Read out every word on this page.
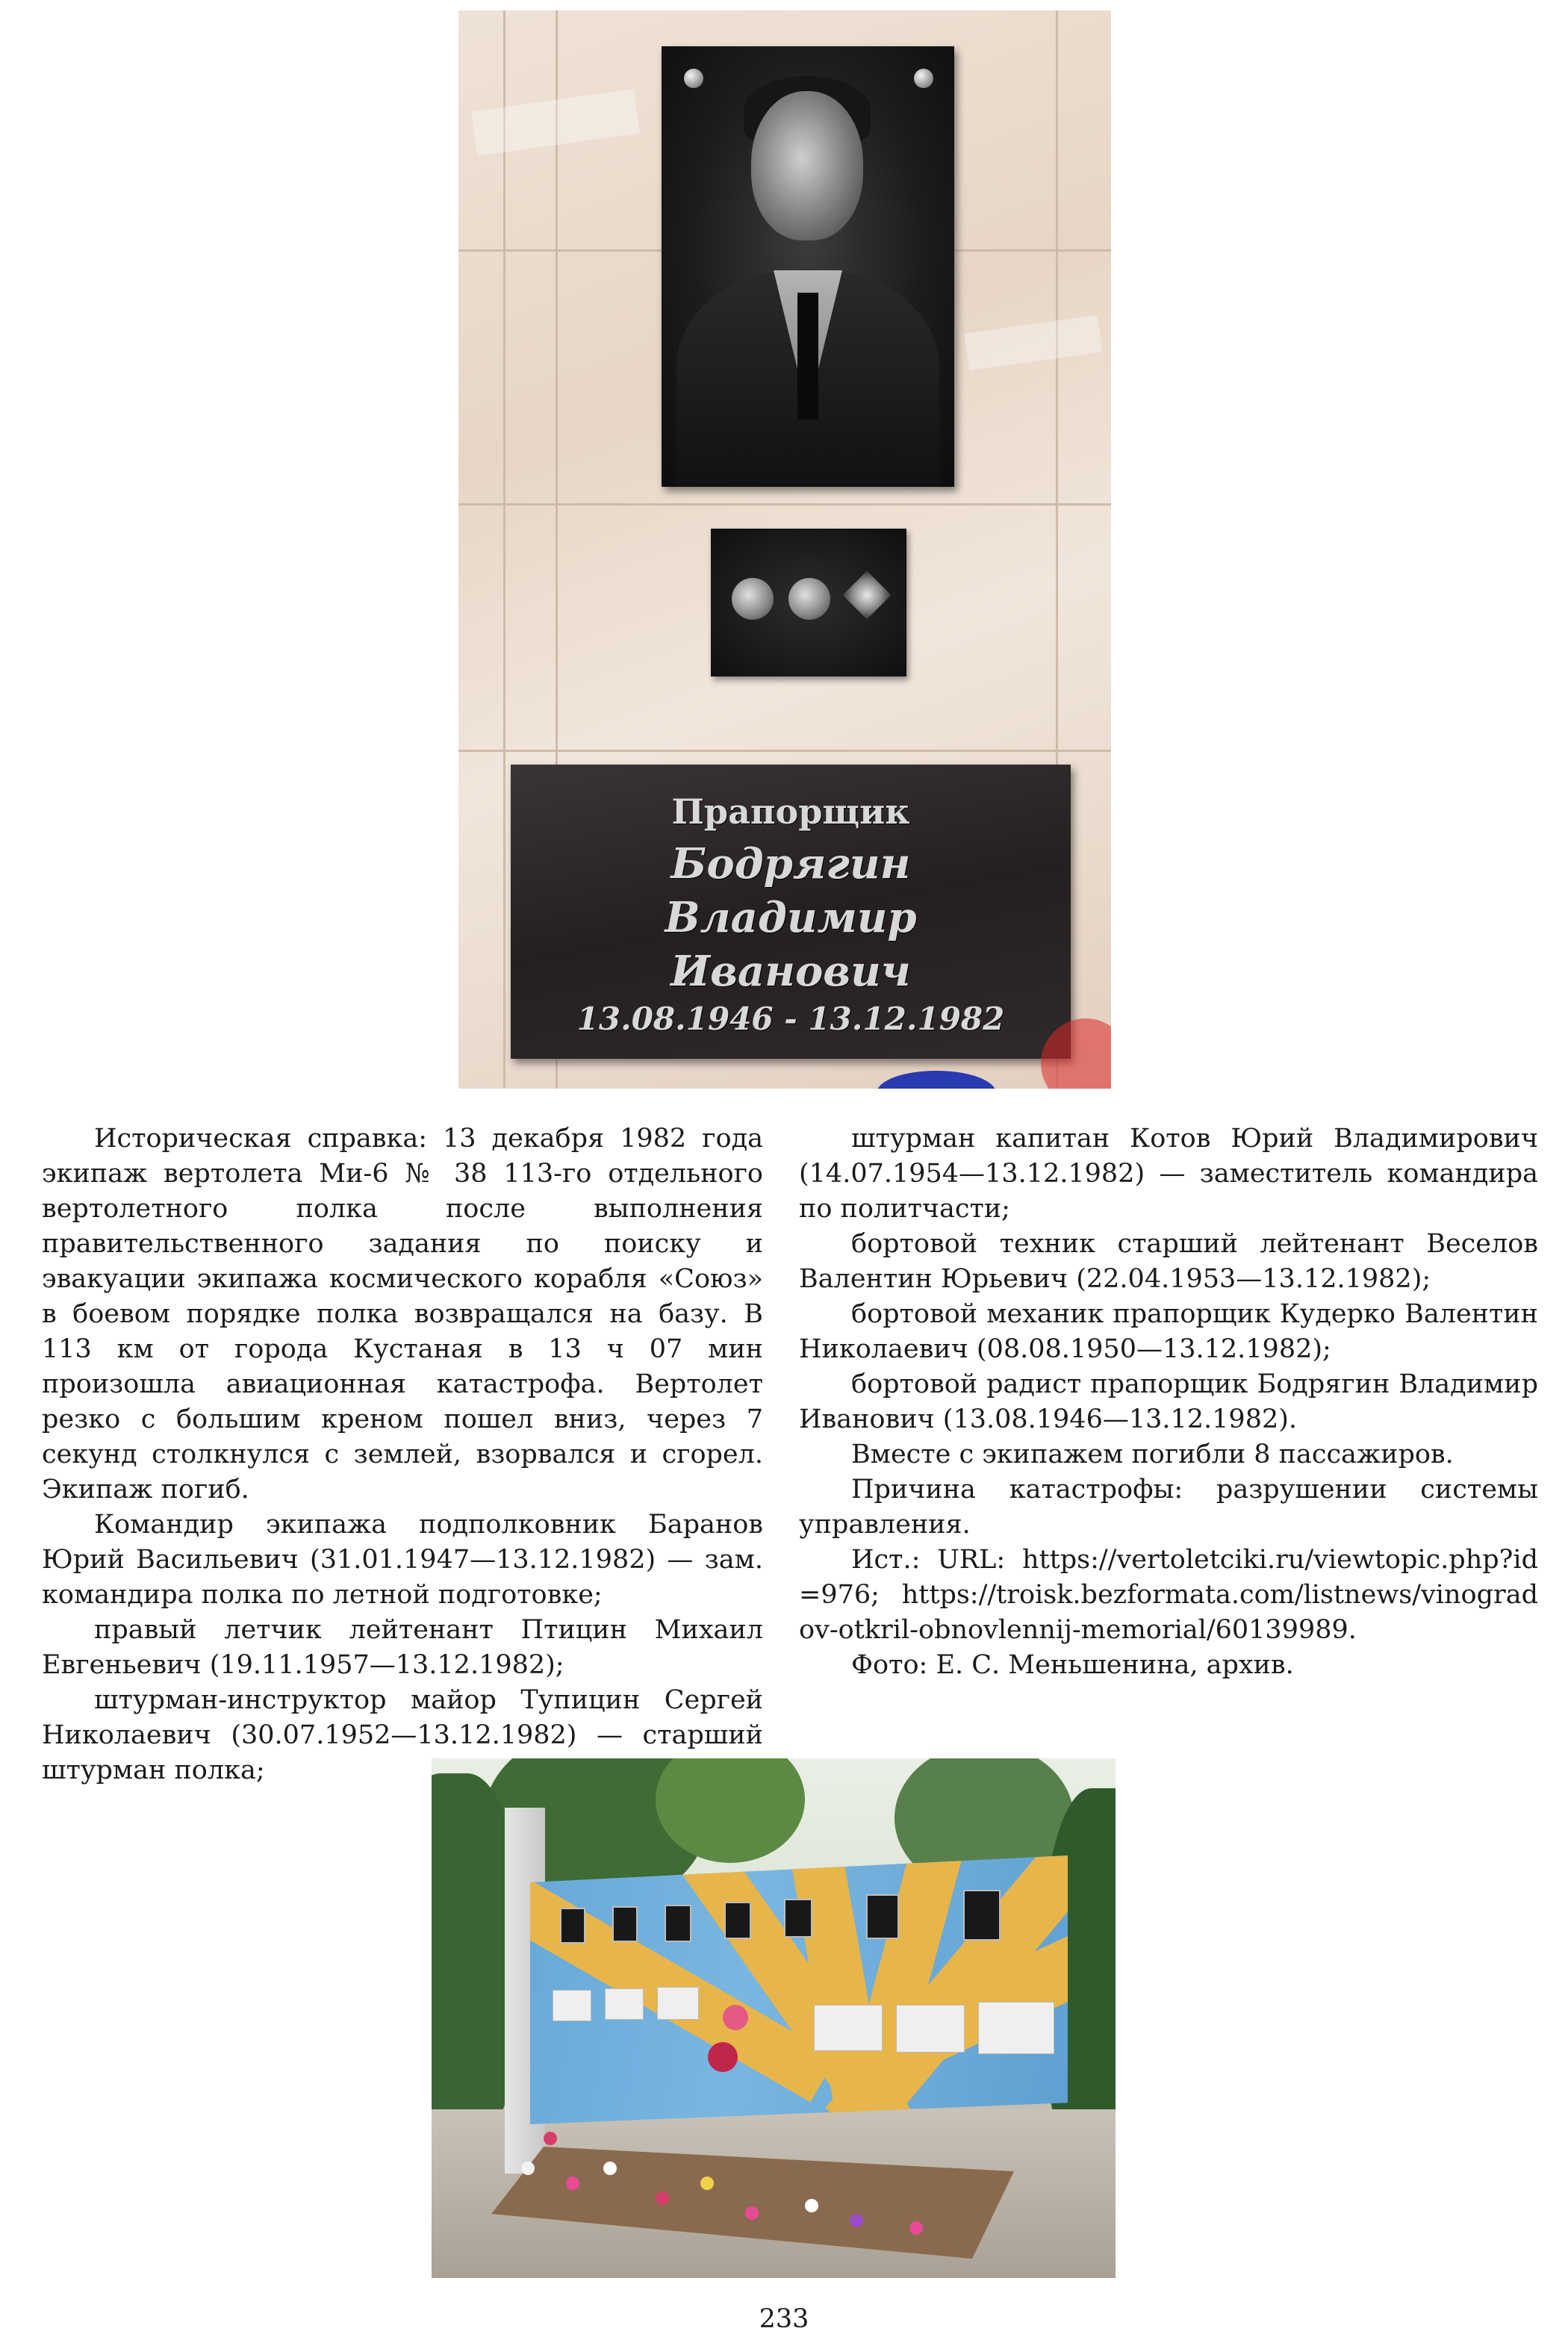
Прапорщик
Бодрягин
Владимир
Иванович
13.08.1946 - 13.12.1982

Историческая справка: 13 декабря 1982 года экипаж вертолета Ми-6 № 38 113-го отдельного вертолетного полка после выполнения правительственного задания по поиску и эвакуации экипажа космического корабля «Союз» в боевом порядке полка возвращался на базу. В 113 км от города Кустаная в 13 ч 07 мин произошла авиационная катастрофа. Вертолет резко с большим креном пошел вниз, через 7 секунд столкнулся с землей, взорвался и сгорел. Экипаж погиб.

Командир экипажа подполковник Баранов Юрий Васильевич (31.01.1947—13.12.1982) — зам. командира полка по летной подготовке;

правый летчик лейтенант Птицин Михаил Евгеньевич (19.11.1957—13.12.1982);

штурман-инструктор майор Тупицин Сергей Николаевич (30.07.1952—13.12.1982) — старший штурман полка;

штурман капитан Котов Юрий Владимирович (14.07.1954—13.12.1982) — заместитель командира по политчасти;

бортовой техник старший лейтенант Веселов Валентин Юрьевич (22.04.1953—13.12.1982);

бортовой механик прапорщик Кудерко Валентин Николаевич (08.08.1950—13.12.1982);

бортовой радист прапорщик Бодрягин Владимир Иванович (13.08.1946—13.12.1982).

Вместе с экипажем погибли 8 пассажиров.

Причина катастрофы: разрушении системы управления.

Ист.: URL: https://vertoletciki.ru/viewtopic.php?id=976; https://troisk.bezformata.com/listnews/vinogradov-otkril-obnovlennij-memorial/60139989.

Фото: Е. С. Меньшенина, архив.

233
